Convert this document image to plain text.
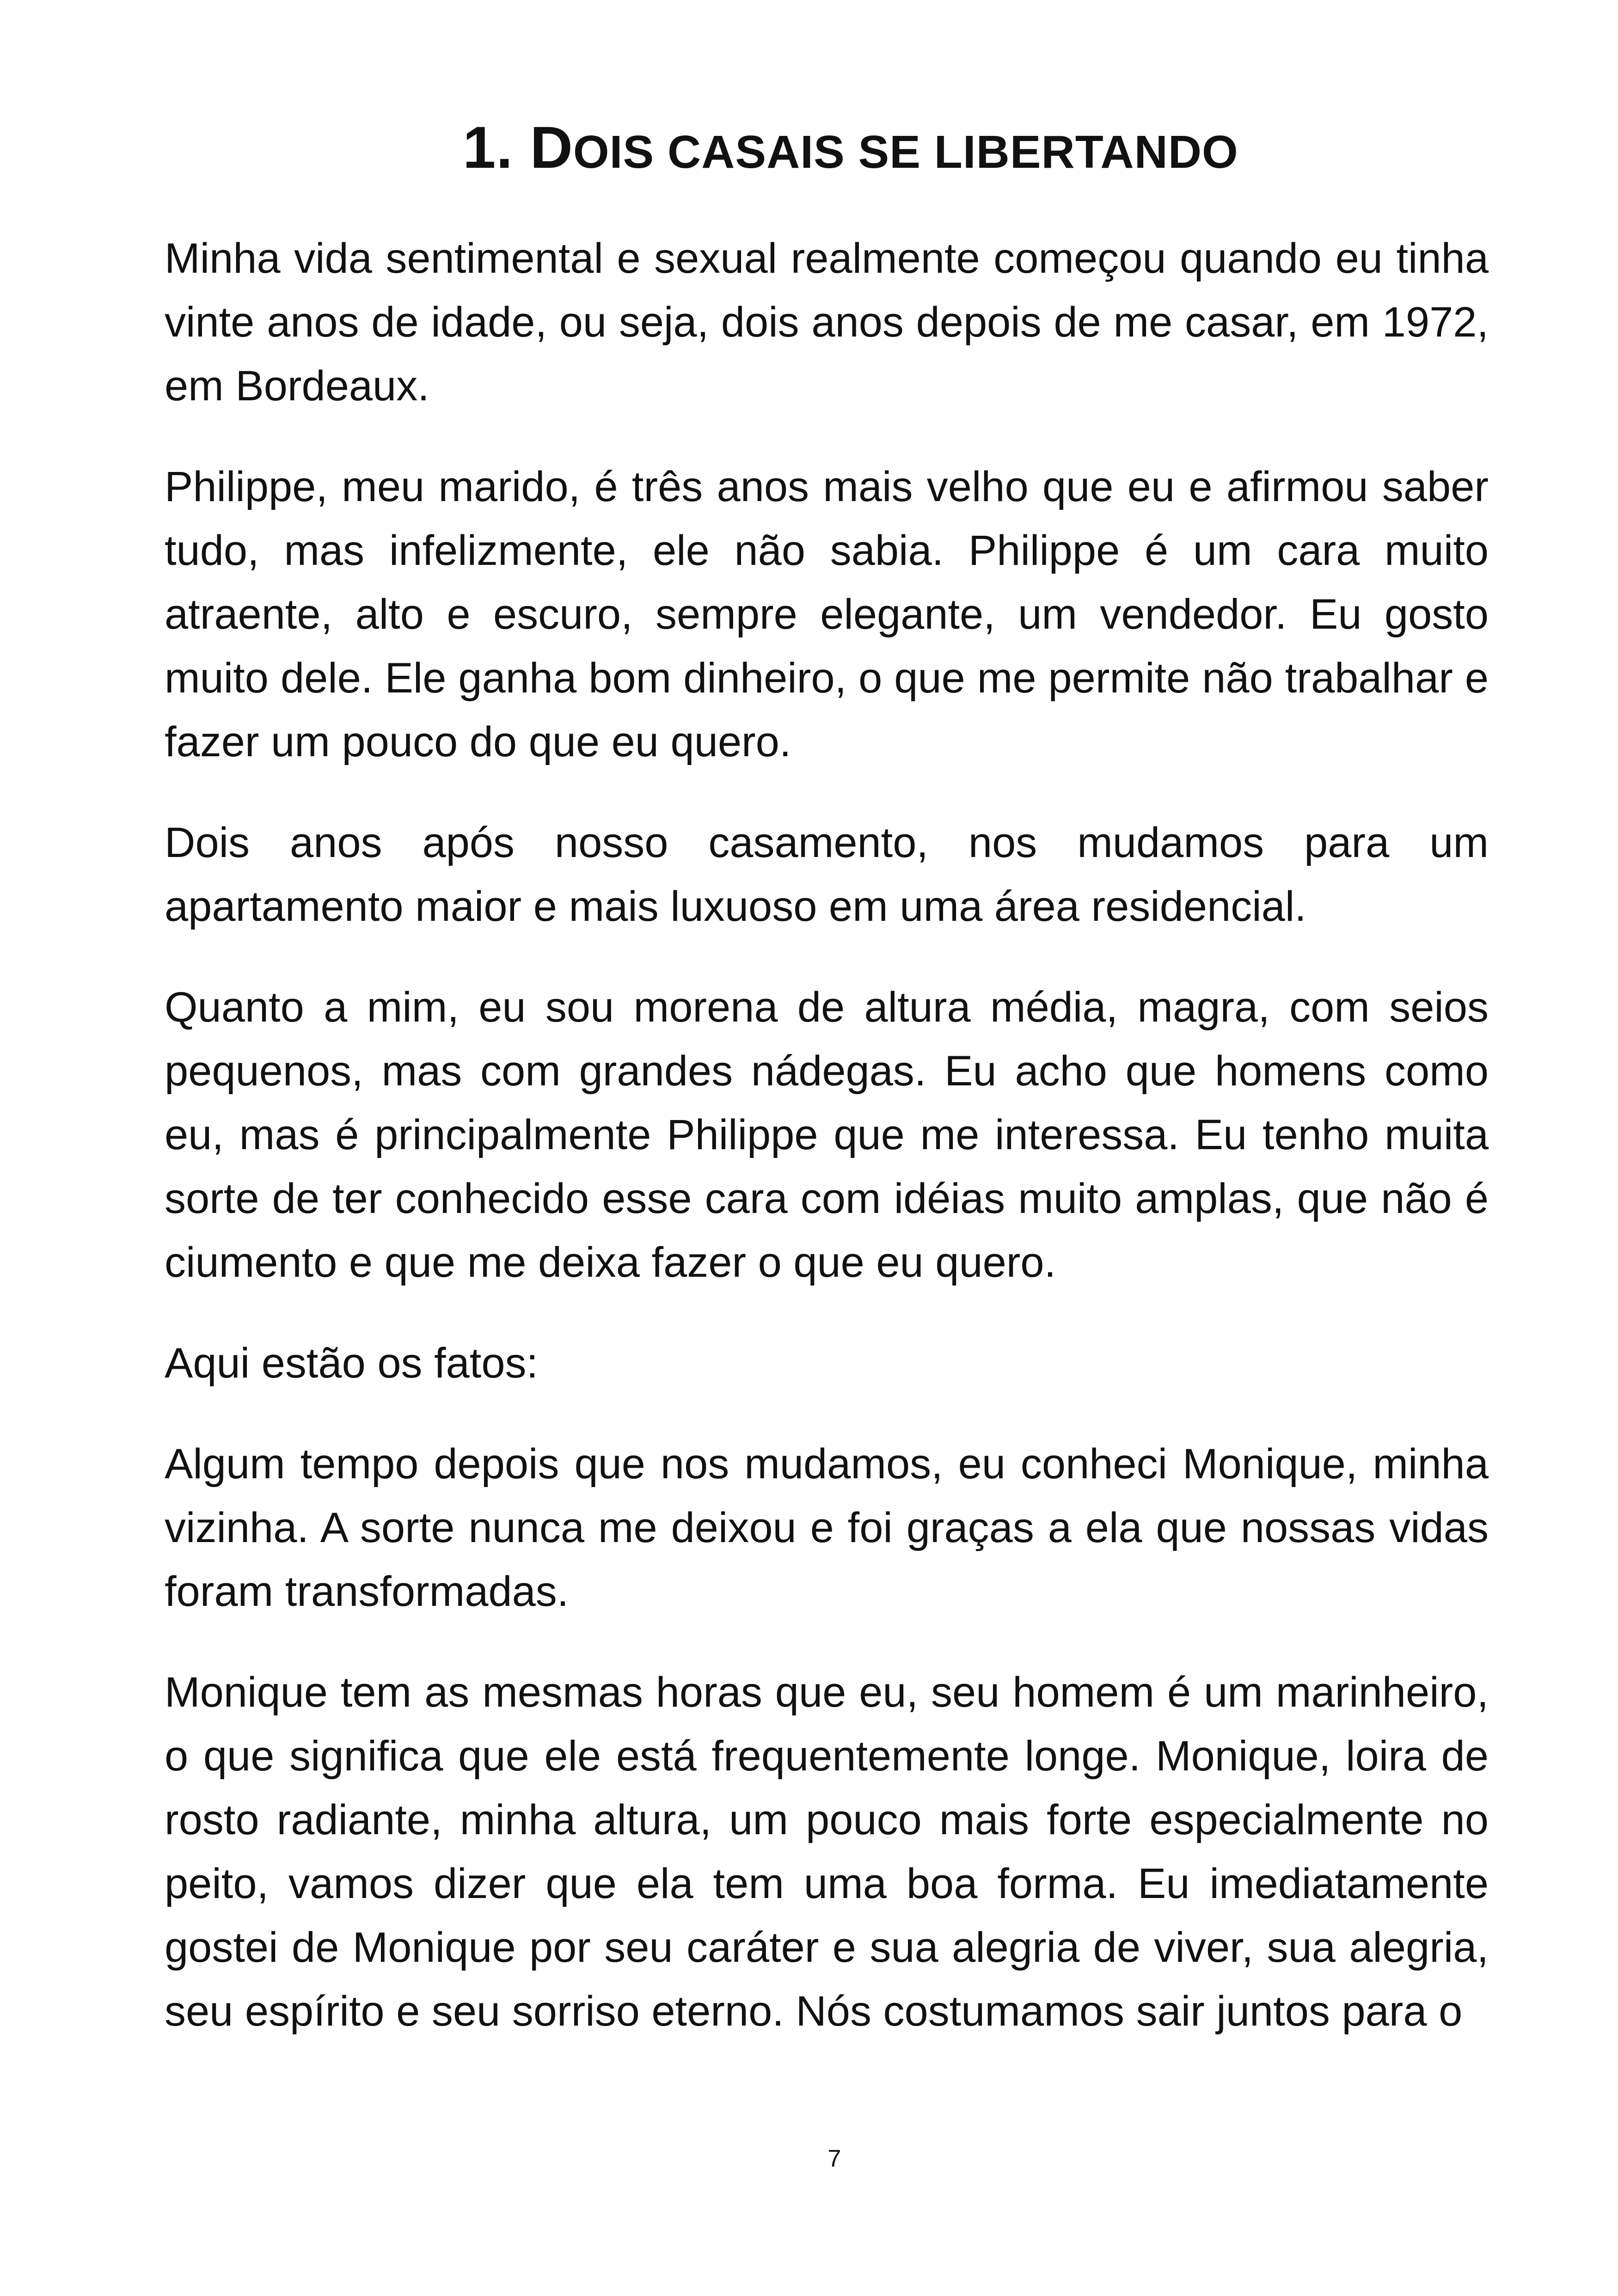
1. DOIS CASAIS SE LIBERTANDO

Minha vida sentimental e sexual realmente começou quando eu tinha vinte anos de idade, ou seja, dois anos depois de me casar, em 1972, em Bordeaux.

Philippe, meu marido, é três anos mais velho que eu e afirmou saber tudo, mas infelizmente, ele não sabia. Philippe é um cara muito atraente, alto e escuro, sempre elegante, um vendedor. Eu gosto muito dele. Ele ganha bom dinheiro, o que me permite não trabalhar e fazer um pouco do que eu quero.

Dois anos após nosso casamento, nos mudamos para um apartamento maior e mais luxuoso em uma área residencial.

Quanto a mim, eu sou morena de altura média, magra, com seios pequenos, mas com grandes nádegas. Eu acho que homens como eu, mas é principalmente Philippe que me interessa. Eu tenho muita sorte de ter conhecido esse cara com idéias muito amplas, que não é ciumento e que me deixa fazer o que eu quero.

Aqui estão os fatos:

Algum tempo depois que nos mudamos, eu conheci Monique, minha vizinha. A sorte nunca me deixou e foi graças a ela que nossas vidas foram transformadas.

Monique tem as mesmas horas que eu, seu homem é um marinheiro, o que significa que ele está frequentemente longe. Monique, loira de rosto radiante, minha altura, um pouco mais forte especialmente no peito, vamos dizer que ela tem uma boa forma. Eu imediatamente gostei de Monique por seu caráter e sua alegria de viver, sua alegria, seu espírito e seu sorriso eterno. Nós costumamos sair juntos para o

7
